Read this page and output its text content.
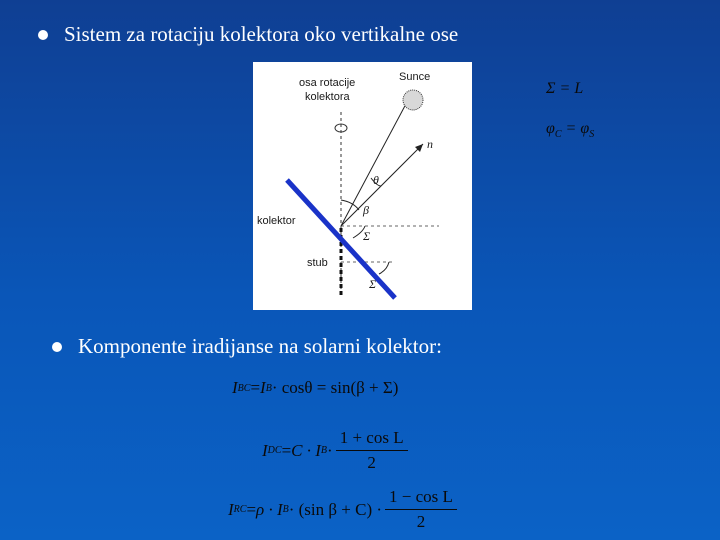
Sistem za rotaciju kolektora oko vertikalne ose
osa rotacije
kolektora
Sunce
n
kolektor
stub
θ
β
Σ
Σ
Σ = L
$\varphi_C = \varphi_S$
Komponente iradijanse na solarni kolektor:
I BC = I B · cosθ = sin(β + Σ)
I DC = C · I $B \cdot \frac{\text{1 + cos L}}{2}$
I RC = ρ · I B · (sin $\beta + C) \cdot \frac{\text{1 − cos L}}{2}$
